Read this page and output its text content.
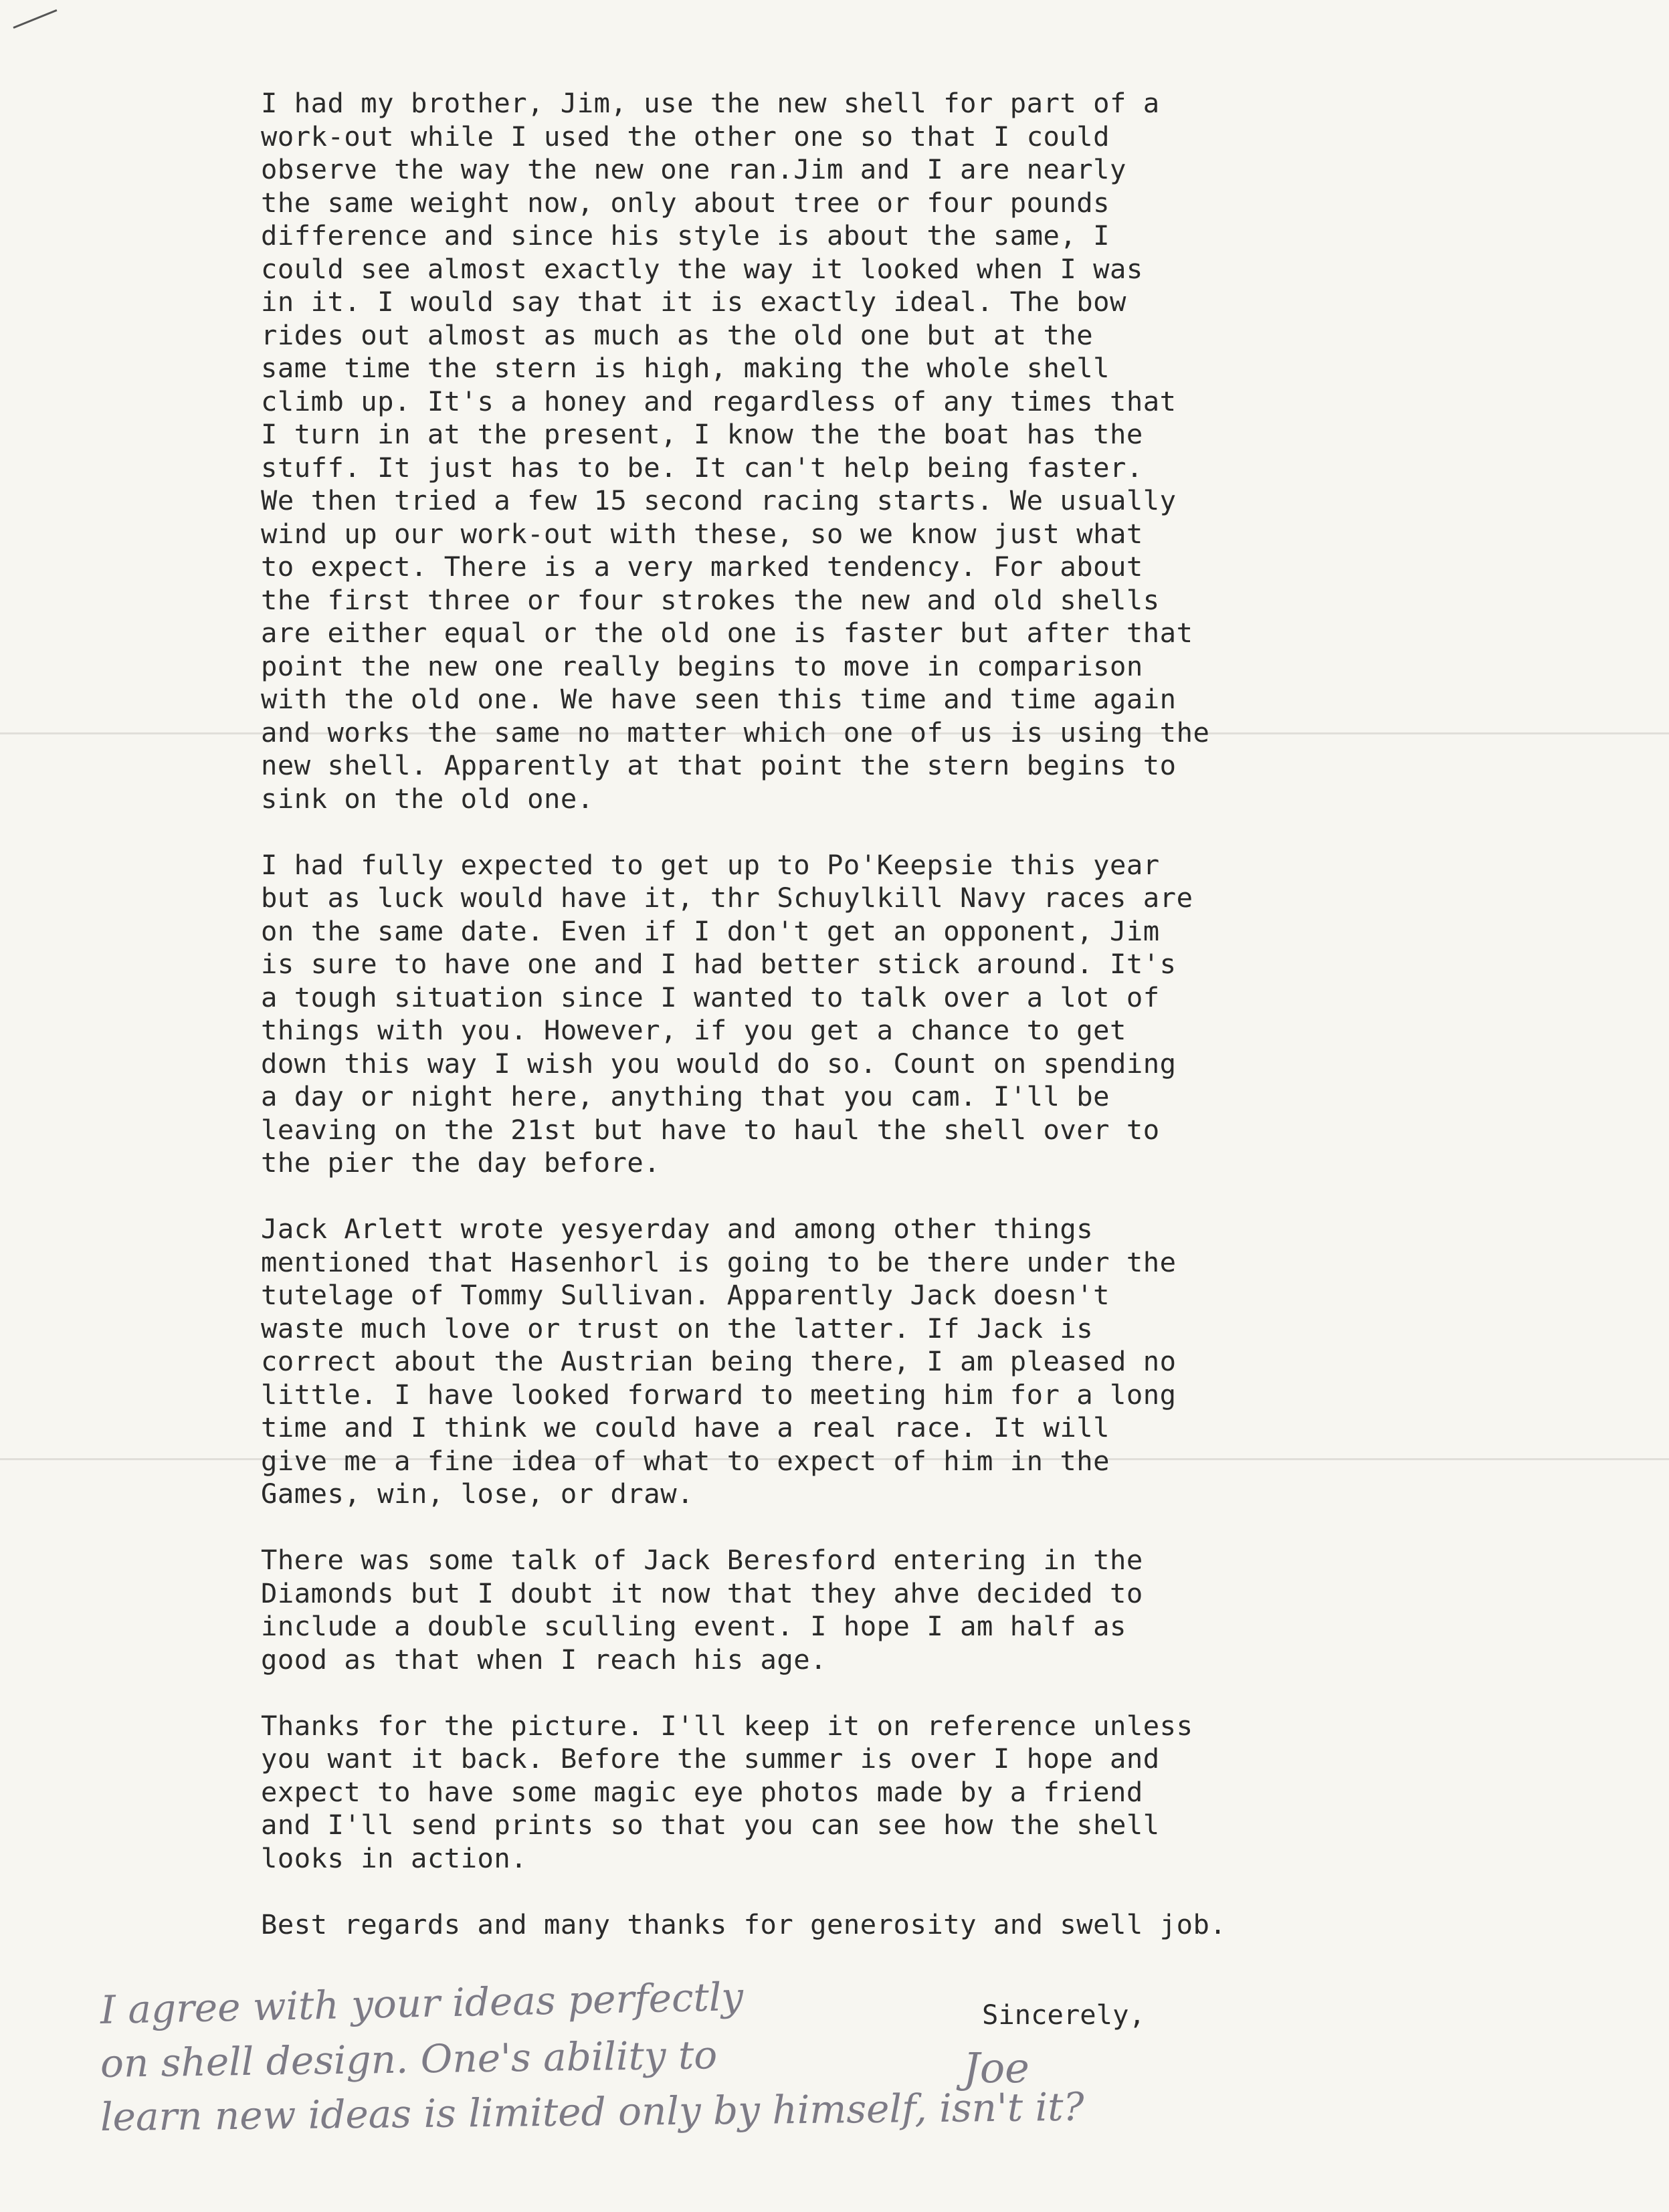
I had my brother, Jim, use the new shell for part of a
work-out while I used the other one so that I could
observe the way the new one ran.Jim and I are nearly
the same weight now, only about tree or four pounds
difference and since his style is about the same, I
could see almost exactly the way it looked when I was
in it. I would say that it is exactly ideal. The bow
rides out almost as much as the old one but at the
same time the stern is high, making the whole shell
climb up. It's a honey and regardless of any times that
I turn in at the present, I know the the boat has the
stuff. It just has to be. It can't help being faster.
We then tried a few 15 second racing starts. We usually
wind up our work-out with these, so we know just what
to expect. There is a very marked tendency. For about
the first three or four strokes the new and old shells
are either equal or the old one is faster but after that
point the new one really begins to move in comparison
with the old one. We have seen this time and time again
and works the same no matter which one of us is using the
new shell. Apparently at that point the stern begins to
sink on the old one.
I had fully expected to get up to Po'Keepsie this year
but as luck would have it, thr Schuylkill Navy races are
on the same date. Even if I don't get an opponent, Jim
is sure to have one and I had better stick around. It's
a tough situation since I wanted to talk over a lot of
things with you. However, if you get a chance to get
down this way I wish you would do so. Count on spending
a day or night here, anything that you cam. I'll be
leaving on the 21st but have to haul the shell over to
the pier the day before.
Jack Arlett wrote yesyerday and among other things
mentioned that Hasenhorl is going to be there under the
tutelage of Tommy Sullivan. Apparently Jack doesn't
waste much love or trust on the latter. If Jack is
correct about the Austrian being there, I am pleased no
little. I have looked forward to meeting him for a long
time and I think we could have a real race. It will
give me a fine idea of what to expect of him in the
Games, win, lose, or draw.
There was some talk of Jack Beresford entering in the
Diamonds but I doubt it now that they ahve decided to
include a double sculling event. I hope I am half as
good as that when I reach his age.
Thanks for the picture. I'll keep it on reference unless
you want it back. Before the summer is over I hope and
expect to have some magic eye photos made by a friend
and I'll send prints so that you can see how the shell
looks in action.
Best regards and many thanks for generosity and swell job.
Sincerely,
I agree with your ideas perfectly
on shell design. One's ability to
learn new ideas is limited only by himself, isn't it?
Joe
